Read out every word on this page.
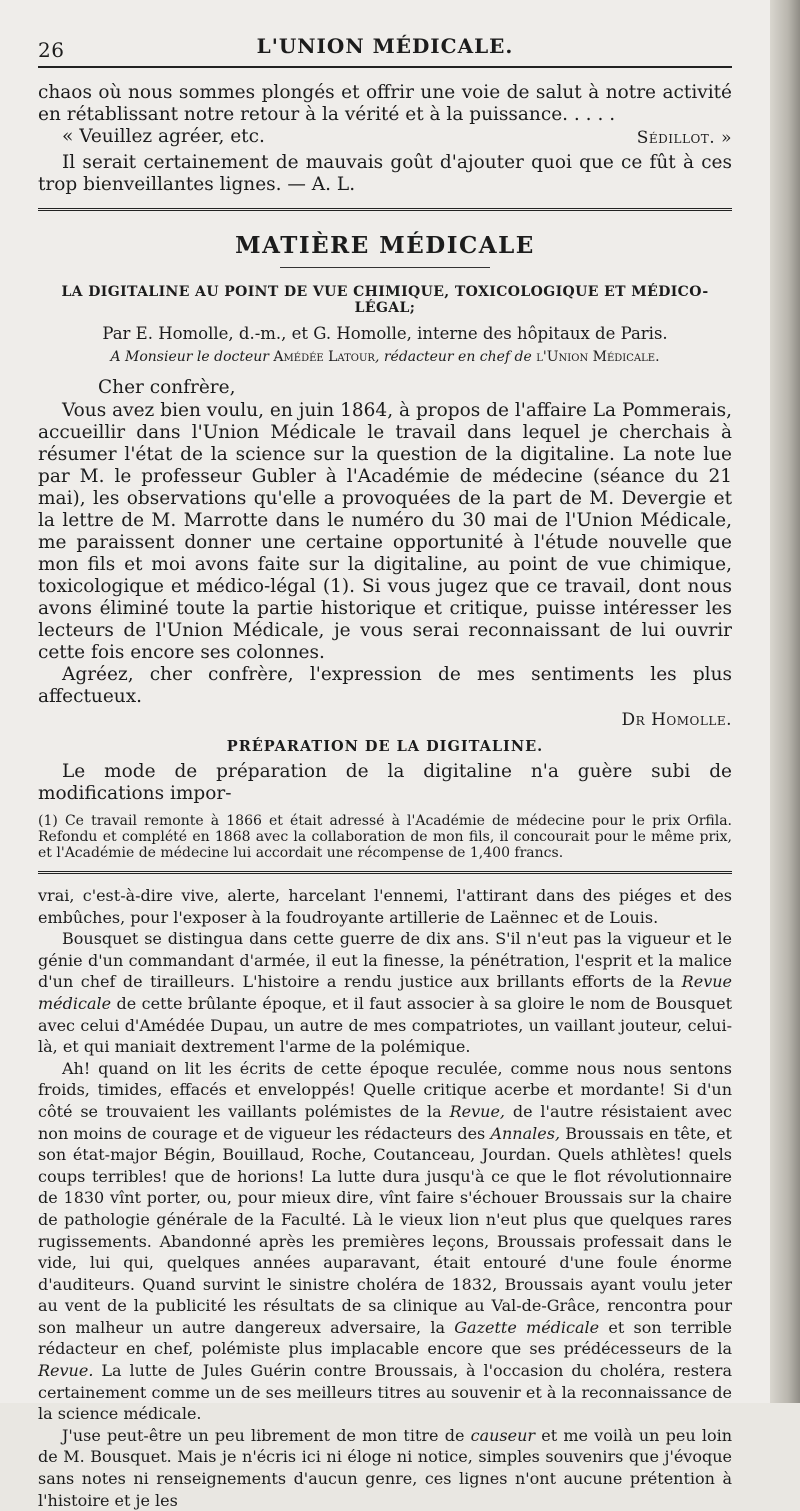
26	L'UNION MÉDICALE.

chaos où nous sommes plongés et offrir une voie de salut à notre activité en rétablissant notre retour à la vérité et à la puissance. . . . .

« Veuillez agréer, etc.	Sédillot. »

Il serait certainement de mauvais goût d'ajouter quoi que ce fût à ces trop bienveillantes lignes. — A. L.

MATIÈRE MÉDICALE
LA DIGITALINE AU POINT DE VUE CHIMIQUE, TOXICOLOGIQUE ET MÉDICO-LÉGAL;
Par E. Homolle, d.-m., et G. Homolle, interne des hôpitaux de Paris.
A Monsieur le docteur Amédée Latour, rédacteur en chef de l'Union Médicale.
Cher confrère,

Vous avez bien voulu, en juin 1864, à propos de l'affaire La Pommerais, accueillir dans l'Union Médicale le travail dans lequel je cherchais à résumer l'état de la science sur la question de la digitaline. La note lue par M. le professeur Gubler à l'Académie de médecine (séance du 21 mai), les observations qu'elle a provoquées de la part de M. Devergie et la lettre de M. Marrotte dans le numéro du 30 mai de l'Union Médicale, me paraissent donner une certaine opportunité à l'étude nouvelle que mon fils et moi avons faite sur la digitaline, au point de vue chimique, toxicologique et médico-légal (1). Si vous jugez que ce travail, dont nous avons éliminé toute la partie historique et critique, puisse intéresser les lecteurs de l'Union Médicale, je vous serai reconnaissant de lui ouvrir cette fois encore ses colonnes.

Agréez, cher confrère, l'expression de mes sentiments les plus affectueux.

Dr Homolle.

PRÉPARATION DE LA DIGITALINE.

Le mode de préparation de la digitaline n'a guère subi de modifications impor-

(1) Ce travail remonte à 1866 et était adressé à l'Académie de médecine pour le prix Orfila. Refondu et complété en 1868 avec la collaboration de mon fils, il concourait pour le même prix, et l'Académie de médecine lui accordait une récompense de 1,400 francs.

vrai, c'est-à-dire vive, alerte, harcelant l'ennemi, l'attirant dans des piéges et des embûches, pour l'exposer à la foudroyante artillerie de Laënnec et de Louis.

Bousquet se distingua dans cette guerre de dix ans. S'il n'eut pas la vigueur et le génie d'un commandant d'armée, il eut la finesse, la pénétration, l'esprit et la malice d'un chef de tirailleurs. L'histoire a rendu justice aux brillants efforts de la Revue médicale de cette brûlante époque, et il faut associer à sa gloire le nom de Bousquet avec celui d'Amédée Dupau, un autre de mes compatriotes, un vaillant jouteur, celui-là, et qui maniait dextrement l'arme de la polémique.

Ah! quand on lit les écrits de cette époque reculée, comme nous nous sentons froids, timides, effacés et enveloppés! Quelle critique acerbe et mordante! Si d'un côté se trouvaient les vaillants polémistes de la Revue, de l'autre résistaient avec non moins de courage et de vigueur les rédacteurs des Annales, Broussais en tête, et son état-major Bégin, Bouillaud, Roche, Coutanceau, Jourdan. Quels athlètes! quels coups terribles! que de horions! La lutte dura jusqu'à ce que le flot révolutionnaire de 1830 vînt porter, ou, pour mieux dire, vînt faire s'échouer Broussais sur la chaire de pathologie générale de la Faculté. Là le vieux lion n'eut plus que quelques rares rugissements. Abandonné après les premières leçons, Broussais professait dans le vide, lui qui, quelques années auparavant, était entouré d'une foule énorme d'auditeurs. Quand survint le sinistre choléra de 1832, Broussais ayant voulu jeter au vent de la publicité les résultats de sa clinique au Val-de-Grâce, rencontra pour son malheur un autre dangereux adversaire, la Gazette médicale et son terrible rédacteur en chef, polémiste plus implacable encore que ses prédécesseurs de la Revue. La lutte de Jules Guérin contre Broussais, à l'occasion du choléra, restera certainement comme un de ses meilleurs titres au souvenir et à la reconnaissance de la science médicale.

J'use peut-être un peu librement de mon titre de causeur et me voilà un peu loin de M. Bousquet. Mais je n'écris ici ni éloge ni notice, simples souvenirs que j'évoque sans notes ni renseignements d'aucun genre, ces lignes n'ont aucune prétention à l'histoire et je les
